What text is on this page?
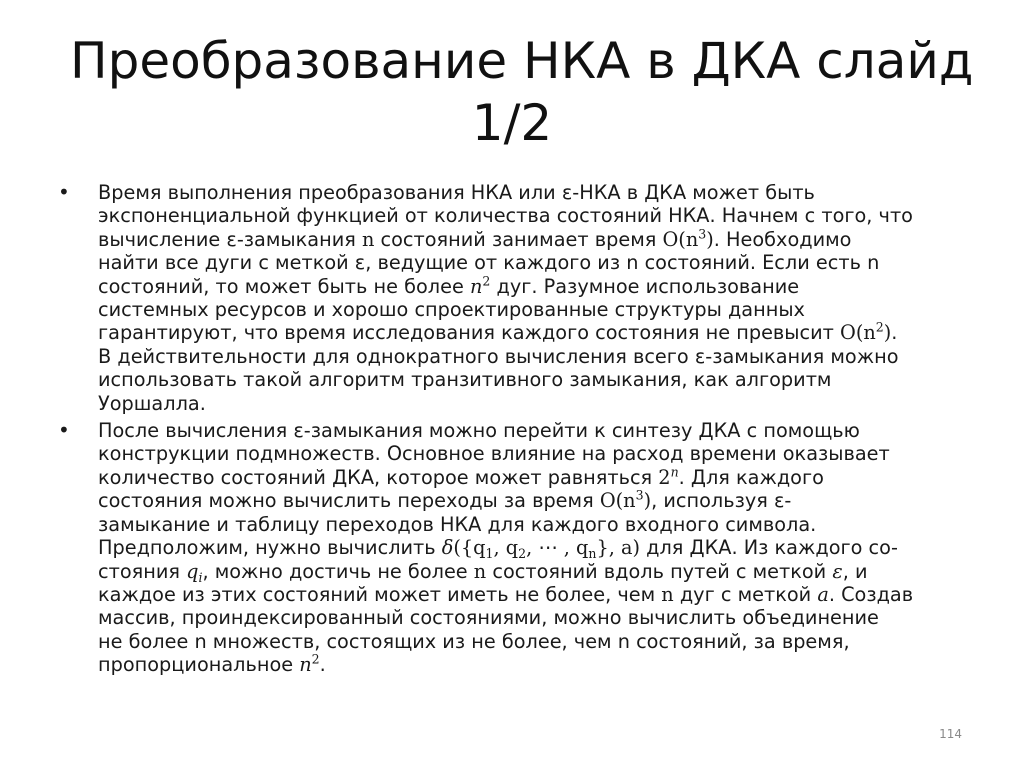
Преобразование НКА в ДКА слайд
1/2
•	Время выполнения преобразования НКА или ε-НКА в ДКА может быть
экспоненциальной функцией от количества состояний НКА. Начнем с того, что
вычисление ε-замыкания n состояний занимает время $O(n^3)$. Необходимо
найти все дуги с меткой ε, ведущие от каждого из n состояний. Если есть n
состояний, то может быть не более $n^2$ дуг. Разумное использование
системных ресурсов и хорошо спроектированные структуры данных
гарантируют, что время исследования каждого состояния не превысит $O(n^2)$.
В действительности для однократного вычисления всего ε-замыкания можно
использовать такой алгоритм транзитивного замыкания, как алгоритм
Уоршалла.
•	После вычисления ε-замыкания можно перейти к синтезу ДКА с помощью
конструкции подмножеств. Основное влияние на расход времени оказывает
количество состояний ДКА, которое может равняться 2$^n$. Для каждого
состояния можно вычислить переходы за время $O(n^3)$, используя ε-
замыкание и таблицу переходов НКА для каждого входного символа.
Предположим, нужно вычислить $\delta(\{q_1$, $q_2$, ⋯ , $q_n$}, a) для ДКА. Из каждого со-
стояния $q_i$, можно достичь не более n состояний вдоль путей с меткой ε, и
каждое из этих состояний может иметь не более, чем n дуг с меткой a. Создав
массив, проиндексированный состояниями, можно вычислить объединение
не более n множеств, состоящих из не более, чем n состояний, за время,
пропорциональное $n^2$.
114
